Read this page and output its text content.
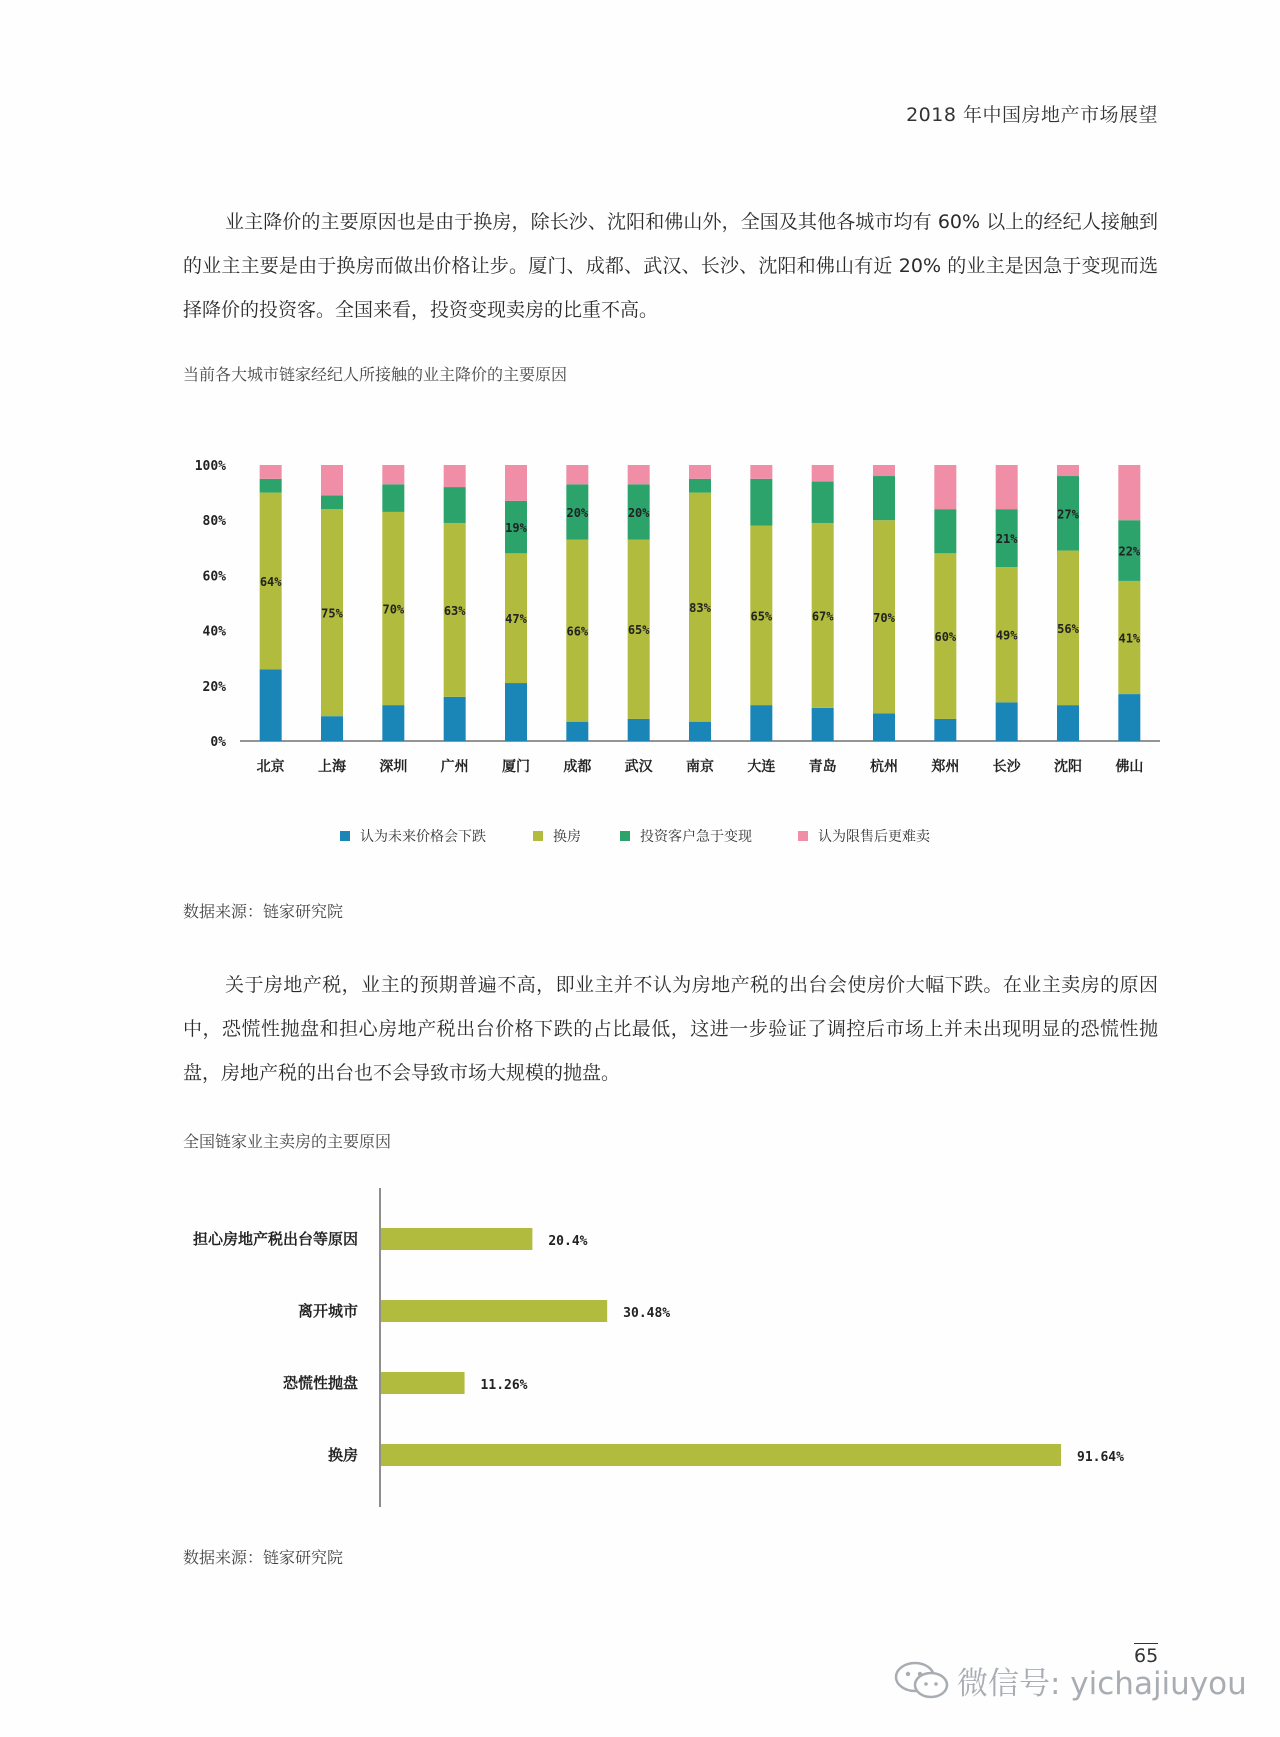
2018 年中国房地产市场展望
业主降价的主要原因也是由于换房，除长沙、沈阳和佛山外，全国及其他各城市均有 60% 以上的经纪人接触到的业主主要是由于换房而做出价格让步。厦门、成都、武汉、长沙、沈阳和佛山有近 20% 的业主是因急于变现而选择降价的投资客。全国来看，投资变现卖房的比重不高。
当前各大城市链家经纪人所接触的业主降价的主要原因
0%
20%
40%
60%
80%
100%
64%
北京
75%
上海
70%
深圳
63%
广州
47%
19%
厦门
66%
20%
成都
65%
20%
武汉
83%
南京
65%
大连
67%
青岛
70%
杭州
60%
郑州
49%
21%
长沙
56%
27%
沈阳
41%
22%
佛山
认为未来价格会下跌	换房	投资客户急于变现	认为限售后更难卖
数据来源：链家研究院
关于房地产税，业主的预期普遍不高，即业主并不认为房地产税的出台会使房价大幅下跌。在业主卖房的原因中，恐慌性抛盘和担心房地产税出台价格下跌的占比最低，这进一步验证了调控后市场上并未出现明显的恐慌性抛盘，房地产税的出台也不会导致市场大规模的抛盘。
全国链家业主卖房的主要原因
担心房地产税出台等原因	20.4%
离开城市	30.48%
恐慌性抛盘	11.26%
换房	91.64%
数据来源：链家研究院
65
微信号: yichajiuyou
